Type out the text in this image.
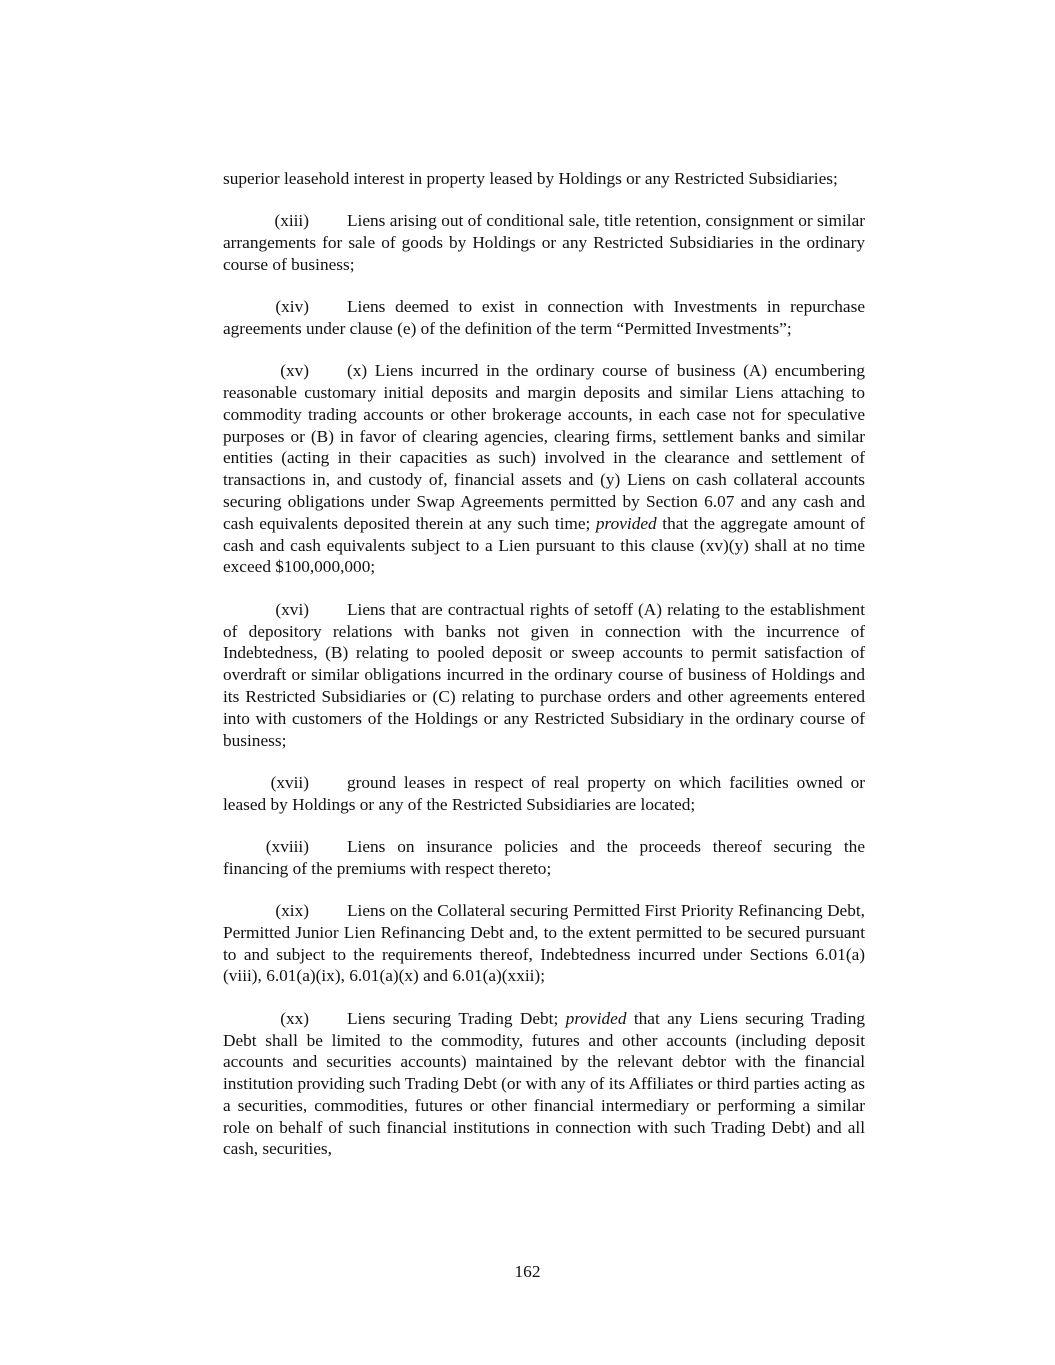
superior leasehold interest in property leased by Holdings or any Restricted Subsidiaries;

(xiii) Liens arising out of conditional sale, title retention, consignment or similar arrangements for sale of goods by Holdings or any Restricted Subsidiaries in the ordinary course of business;

(xiv) Liens deemed to exist in connection with Investments in repurchase agreements under clause (e) of the definition of the term “Permitted Investments”;

(xv) (x) Liens incurred in the ordinary course of business (A) encumbering reasonable customary initial deposits and margin deposits and similar Liens attaching to commodity trading accounts or other brokerage accounts, in each case not for speculative purposes or (B) in favor of clearing agencies, clearing firms, settlement banks and similar entities (acting in their capacities as such) involved in the clearance and settlement of transactions in, and custody of, financial assets and (y) Liens on cash collateral accounts securing obligations under Swap Agreements permitted by Section 6.07 and any cash and cash equivalents deposited therein at any such time; provided that the aggregate amount of cash and cash equivalents subject to a Lien pursuant to this clause (xv)(y) shall at no time exceed $100,000,000;

(xvi) Liens that are contractual rights of setoff (A) relating to the establishment of depository relations with banks not given in connection with the incurrence of Indebtedness, (B) relating to pooled deposit or sweep accounts to permit satisfaction of overdraft or similar obligations incurred in the ordinary course of business of Holdings and its Restricted Subsidiaries or (C) relating to purchase orders and other agreements entered into with customers of the Holdings or any Restricted Subsidiary in the ordinary course of business;

(xvii) ground leases in respect of real property on which facilities owned or leased by Holdings or any of the Restricted Subsidiaries are located;

(xviii) Liens on insurance policies and the proceeds thereof securing the financing of the premiums with respect thereto;

(xix) Liens on the Collateral securing Permitted First Priority Refinancing Debt, Permitted Junior Lien Refinancing Debt and, to the extent permitted to be secured pursuant to and subject to the requirements thereof, Indebtedness incurred under Sections 6.01(a)(viii), 6.01(a)(ix), 6.01(a)(x) and 6.01(a)(xxii);

(xx) Liens securing Trading Debt; provided that any Liens securing Trading Debt shall be limited to the commodity, futures and other accounts (including deposit accounts and securities accounts) maintained by the relevant debtor with the financial institution providing such Trading Debt (or with any of its Affiliates or third parties acting as a securities, commodities, futures or other financial intermediary or performing a similar role on behalf of such financial institutions in connection with such Trading Debt) and all cash, securities,

162
